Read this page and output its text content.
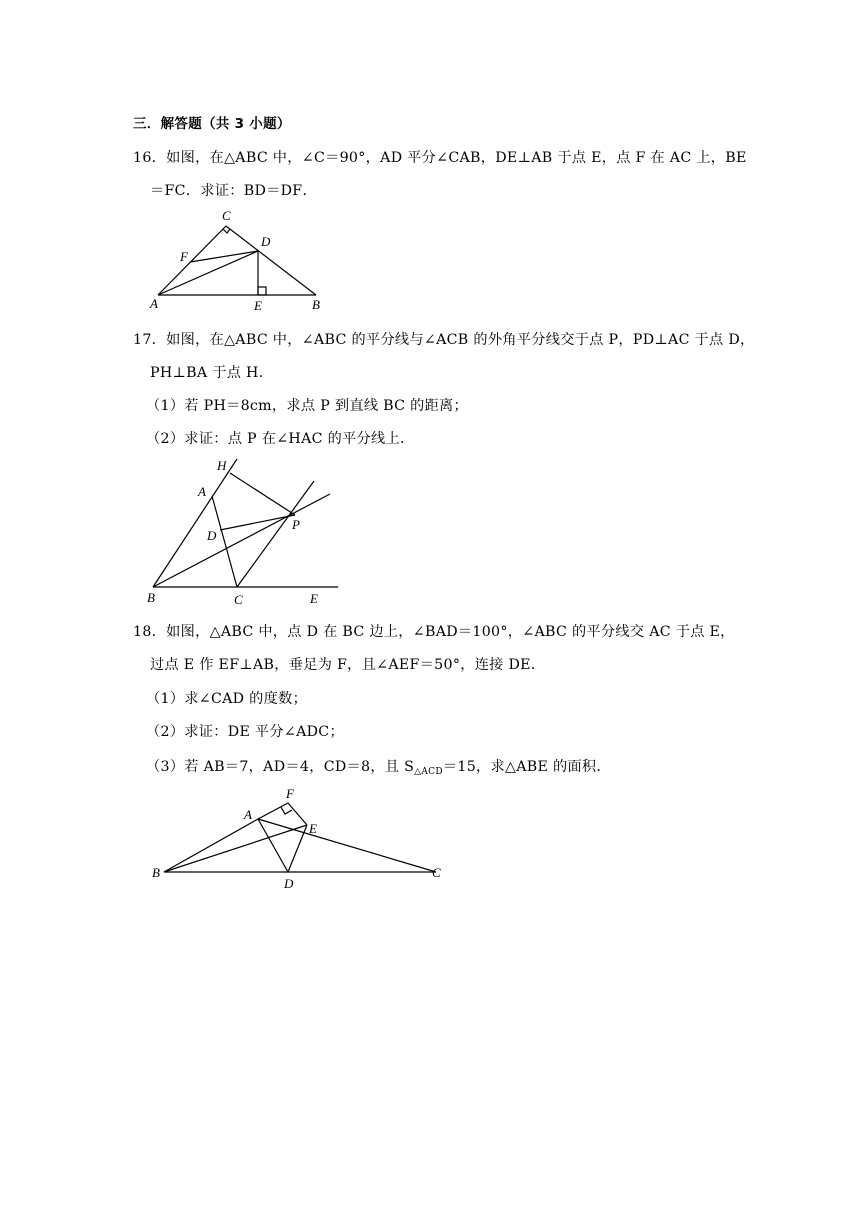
三．解答题（共 3 小题）
16．如图，在△ABC 中，∠C＝90°，AD 平分∠CAB，DE⊥AB 于点 E，点 F 在 AC 上，BE
＝FC．求证：BD＝DF．
C
D
F
A	E	B
17．如图，在△ABC 中，∠ABC 的平分线与∠ACB 的外角平分线交于点 P，PD⊥AC 于点 D，
PH⊥BA 于点 H．
（1）若 PH＝8cm，求点 P 到直线 BC 的距离；
（2）求证：点 P 在∠HAC 的平分线上．
H
A
D
P
B	C	E
18．如图，△ABC 中，点 D 在 BC 边上，∠BAD＝100°，∠ABC 的平分线交 AC 于点 E，
过点 E 作 EF⊥AB，垂足为 F，且∠AEF＝50°，连接 DE．
（1）求∠CAD 的度数；
（2）求证：DE 平分∠ADC；
（3）若 AB＝7，AD＝4，CD＝8，且 $S_{\triangle ACD}=15$，求△ABE 的面积．
F
A
E
B
D
C
